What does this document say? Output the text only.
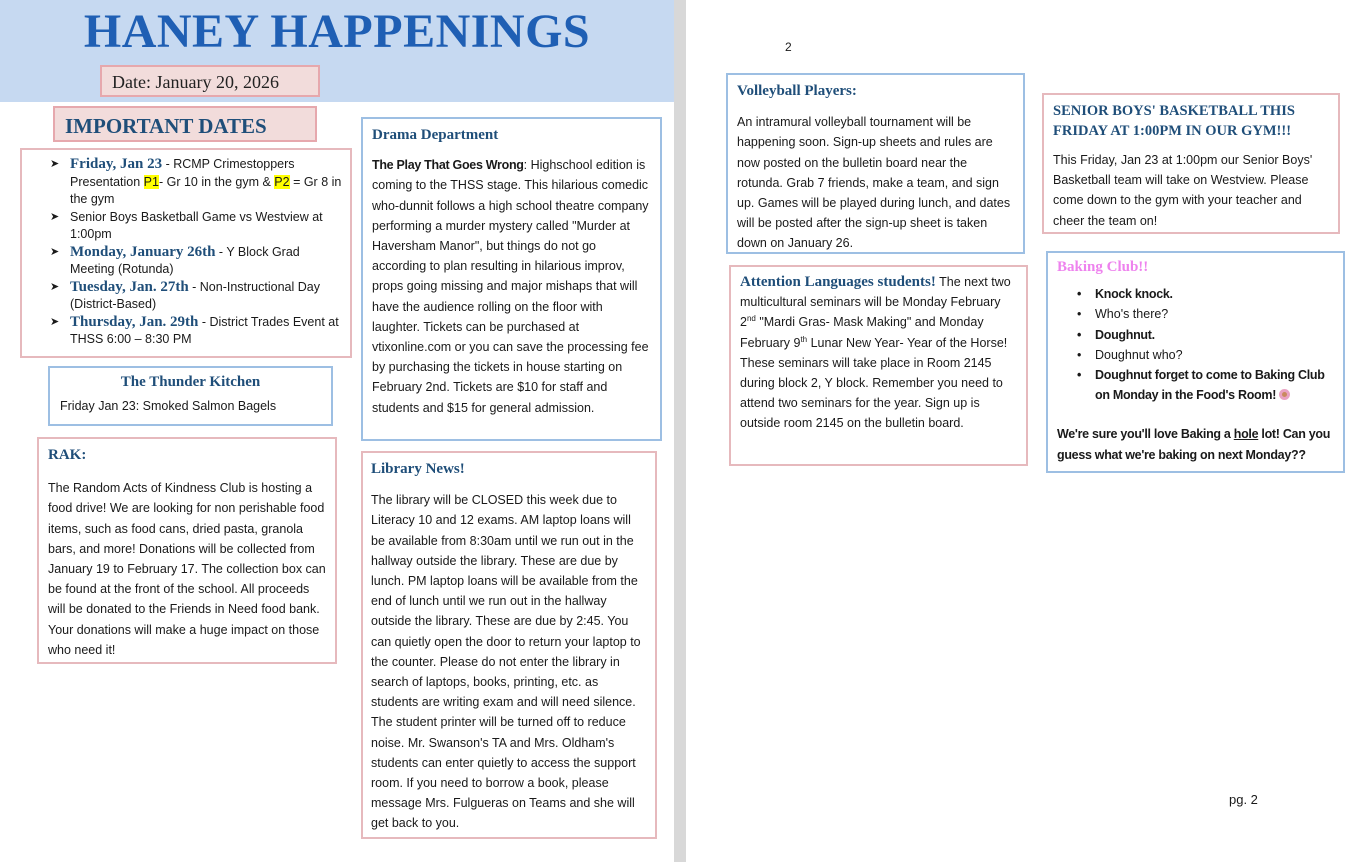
HANEY HAPPENINGS
Date: January 20, 2026
IMPORTANT DATES
➤ Friday, Jan 23 - RCMP Crimestoppers Presentation P1- Gr 10 in the gym & P2 = Gr 8 in the gym
➤ Senior Boys Basketball Game vs Westview at 1:00pm
➤ Monday, January 26th - Y Block Grad Meeting (Rotunda)
➤ Tuesday, Jan. 27th - Non-Instructional Day (District-Based)
➤ Thursday, Jan. 29th - District Trades Event at THSS 6:00 – 8:30 PM
The Thunder Kitchen

Friday Jan 23: Smoked Salmon Bagels

RAK:

The Random Acts of Kindness Club is hosting a food drive! We are looking for non perishable food items, such as food cans, dried pasta, granola bars, and more! Donations will be collected from January 19 to February 17. The collection box can be found at the front of the school. All proceeds will be donated to the Friends in Need food bank. Your donations will make a huge impact on those who need it!

Drama Department

The Play That Goes Wrong: Highschool edition is coming to the THSS stage. This hilarious comedic who-dunnit follows a high school theatre company performing a murder mystery called "Murder at Haversham Manor", but things do not go according to plan resulting in hilarious improv, props going missing and major mishaps that will have the audience rolling on the floor with laughter. Tickets can be purchased at vtixonline.com or you can save the processing fee by purchasing the tickets in house starting on February 2nd. Tickets are $10 for staff and students and $15 for general admission.

Library News!

The library will be CLOSED this week due to Literacy 10 and 12 exams. AM laptop loans will be available from 8:30am until we run out in the hallway outside the library. These are due by lunch. PM laptop loans will be available from the end of lunch until we run out in the hallway outside the library. These are due by 2:45. You can quietly open the door to return your laptop to the counter. Please do not enter the library in search of laptops, books, printing, etc. as students are writing exam and will need silence. The student printer will be turned off to reduce noise. Mr. Swanson's TA and Mrs. Oldham's students can enter quietly to access the support room. If you need to borrow a book, please message Mrs. Fulgueras on Teams and she will get back to you.

2
Volleyball Players:

An intramural volleyball tournament will be happening soon. Sign-up sheets and rules are now posted on the bulletin board near the rotunda. Grab 7 friends, make a team, and sign up. Games will be played during lunch, and dates will be posted after the sign-up sheet is taken down on January 26.

Attention Languages students! The next two multicultural seminars will be Monday February 2nd "Mardi Gras- Mask Making" and Monday February 9th Lunar New Year- Year of the Horse! These seminars will take place in Room 2145 during block 2, Y block. Remember you need to attend two seminars for the year. Sign up is outside room 2145 on the bulletin board.

SENIOR BOYS' BASKETBALL THIS FRIDAY AT 1:00PM IN OUR GYM!!!

This Friday, Jan 23 at 1:00pm our Senior Boys' Basketball team will take on Westview. Please come down to the gym with your teacher and cheer the team on!

Baking Club!!
• Knock knock.
• Who's there?
• Doughnut.
• Doughnut who?
• Doughnut forget to come to Baking Club on Monday in the Food's Room!

We're sure you'll love Baking a hole lot! Can you guess what we're baking on next Monday??

pg. 2
